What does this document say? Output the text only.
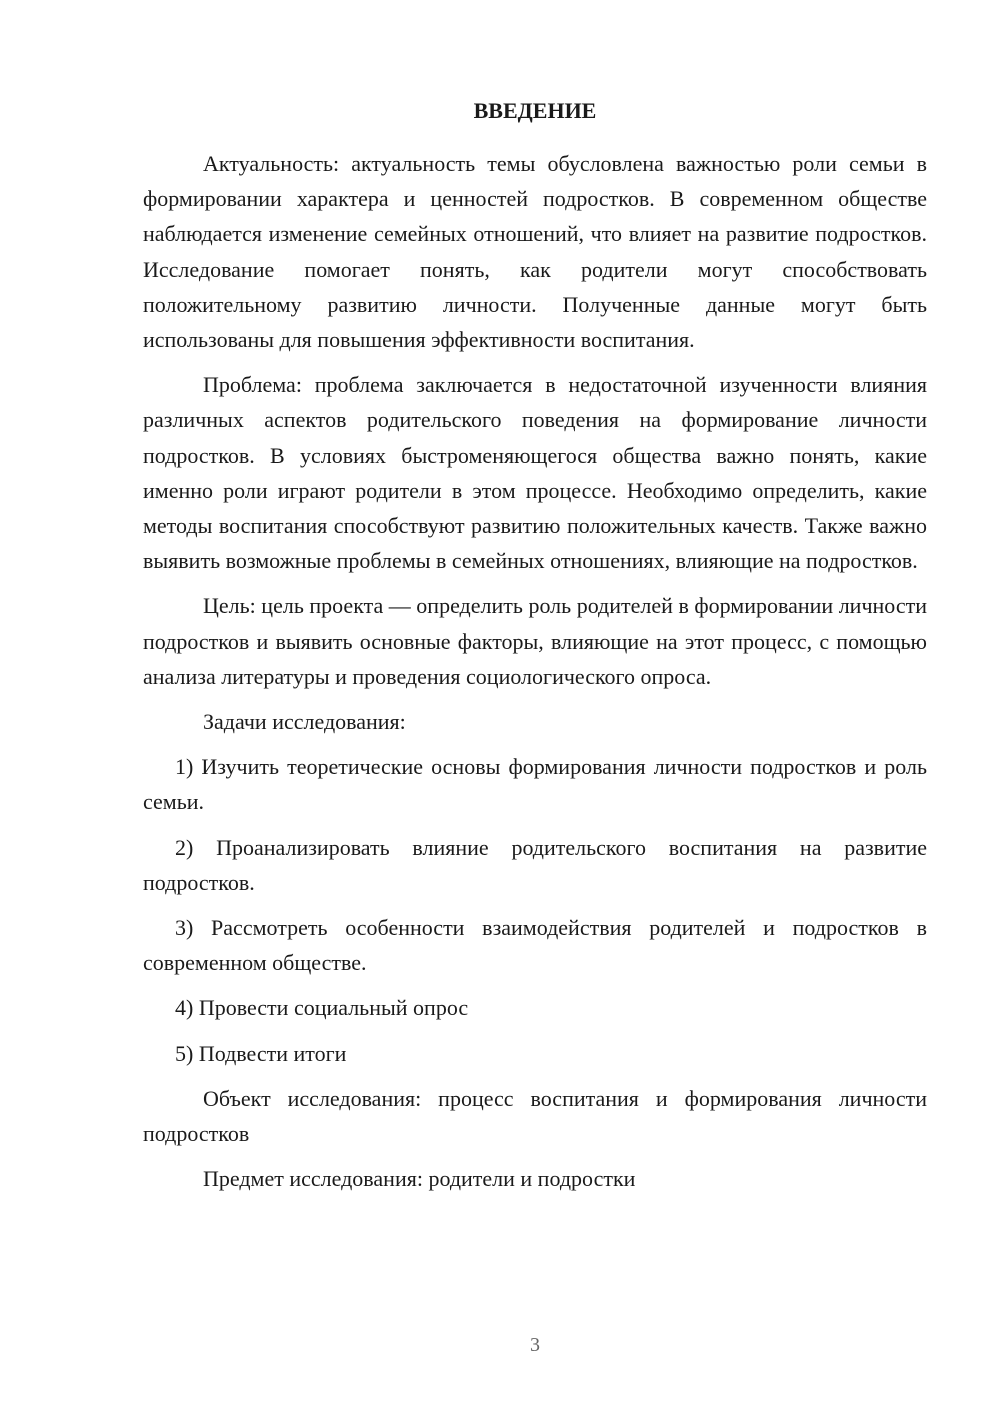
ВВЕДЕНИЕ

Актуальность: актуальность темы обусловлена важностью роли семьи в формировании характера и ценностей подростков. В современном обществе наблюдается изменение семейных отношений, что влияет на развитие подростков. Исследование помогает понять, как родители могут способствовать положительному развитию личности. Полученные данные могут быть использованы для повышения эффективности воспитания.

Проблема: проблема заключается в недостаточной изученности влияния различных аспектов родительского поведения на формирование личности подростков. В условиях быстроменяющегося общества важно понять, какие именно роли играют родители в этом процессе. Необходимо определить, какие методы воспитания способствуют развитию положительных качеств. Также важно выявить возможные проблемы в семейных отношениях, влияющие на подростков.

Цель: цель проекта — определить роль родителей в формировании личности подростков и выявить основные факторы, влияющие на этот процесс, с помощью анализа литературы и проведения социологического опроса.

Задачи исследования:

1) Изучить теоретические основы формирования личности подростков и роль семьи.

2) Проанализировать влияние родительского воспитания на развитие подростков.

3) Рассмотреть особенности взаимодействия родителей и подростков в современном обществе.

4) Провести социальный опрос

5) Подвести итоги

Объект исследования: процесс воспитания и формирования личности подростков

Предмет исследования: родители и подростки

3
